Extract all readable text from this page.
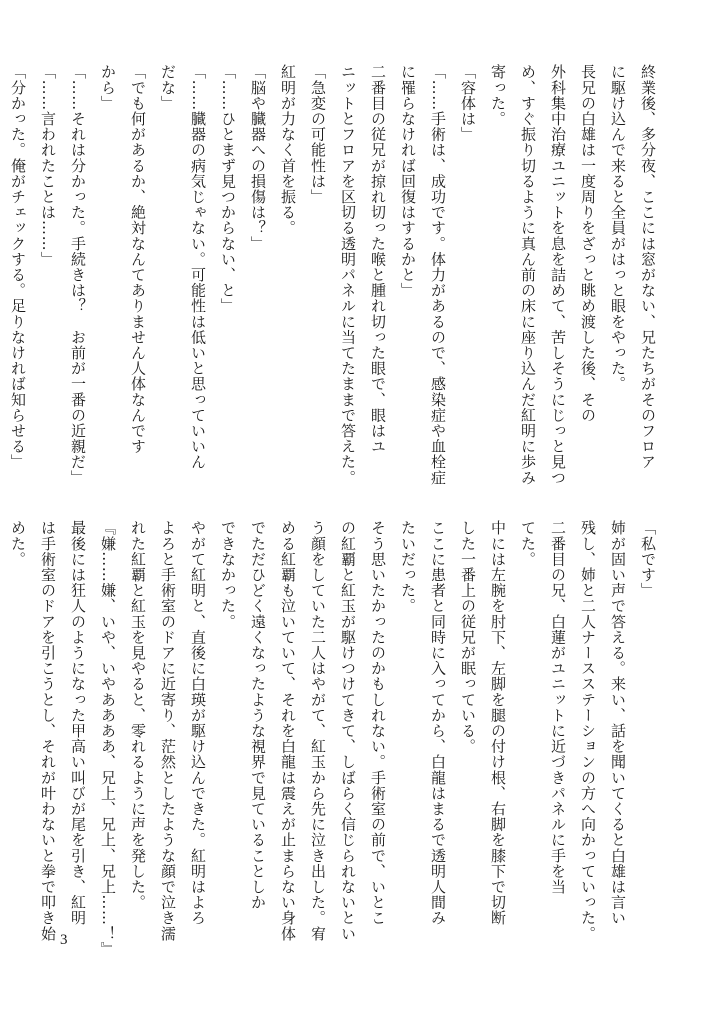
終業後、多分夜、ここには窓がない、兄たちがそのフロア

に駆け込んで来ると全員がはっと眼をやった。

長兄の白雄は一度周りをざっと眺め渡した後、その

外科集中治療ユニットを息を詰めて、苦しそうにじっと見つ

め、すぐ振り切るように真ん前の床に座り込んだ紅明に歩み

寄った。

「容体は」

「……手術は、成功です。体力があるので、感染症や血栓症

に罹らなければ回復はするかと」

二番目の従兄が掠れ切った喉と腫れ切った眼で、眼はユ

ニットとフロアを区切る透明パネルに当てたままで答えた。

「急変の可能性は」

紅明が力なく首を振る。

「脳や臓器への損傷は？」

「……ひとまず見つからない、と」

「……臓器の病気じゃない。可能性は低いと思っていいん

だな」

「でも何があるか、絶対なんてありません人体なんです

から」

「……それは分かった。手続きは？　お前が一番の近親だ」

「……言われたことは……」

「分かった。俺がチェックする。足りなければ知らせる」

「私です」

姉が固い声で答える。来い、話を聞いてくると白雄は言い

残し、姉と二人ナースステーションの方へ向かっていった。

二番目の兄、白蓮がユニットに近づきパネルに手を当

てた。

中には左腕を肘下、左脚を腿の付け根、右脚を膝下で切断

した一番上の従兄が眠っている。

ここに患者と同時に入ってから、白龍はまるで透明人間み

たいだった。

そう思いたかったのかもしれない。手術室の前で、いとこ

の紅覇と紅玉が駆けつけてきて、しばらく信じられないとい

う顔をしていた二人はやがて、紅玉から先に泣き出した。宥

める紅覇も泣いていて、それを白龍は震えが止まらない身体

でただひどく遠くなったような視界で見ていることしか

できなかった。

やがて紅明と、直後に白瑛が駆け込んできた。紅明はよろ

よろと手術室のドアに近寄り、茫然としたような顔で泣き濡

れた紅覇と紅玉を見やると、零れるように声を発した。

『嫌……嫌、いや、いやああああ、兄上、兄上、兄上……！』

最後には狂人のようになった甲高い叫びが尾を引き、紅明

は手術室のドアを引こうとし、それが叶わないと拳で叩き始

めた。

3
